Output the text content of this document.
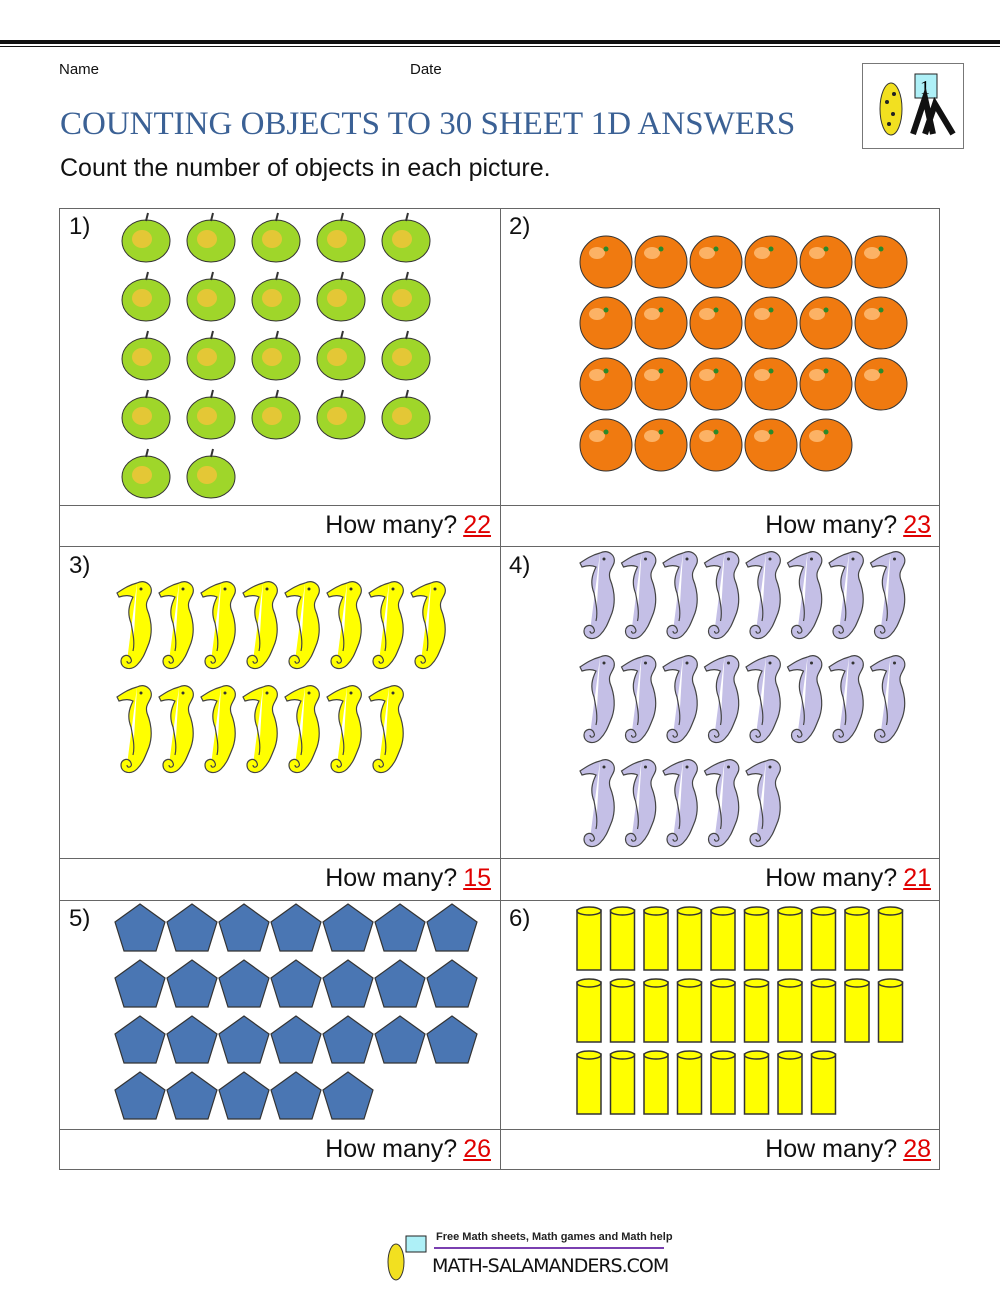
Name	Date
COUNTING OBJECTS TO 30 SHEET 1D ANSWERS
Count the number of objects in each picture.
1
1)	2)
3)	4)
5)	6)
How many? 22	How many? 23
How many? 15	How many? 21
How many? 26	How many? 28
Free Math sheets, Math games and Math help
MATH-SALAMANDERS.COM
